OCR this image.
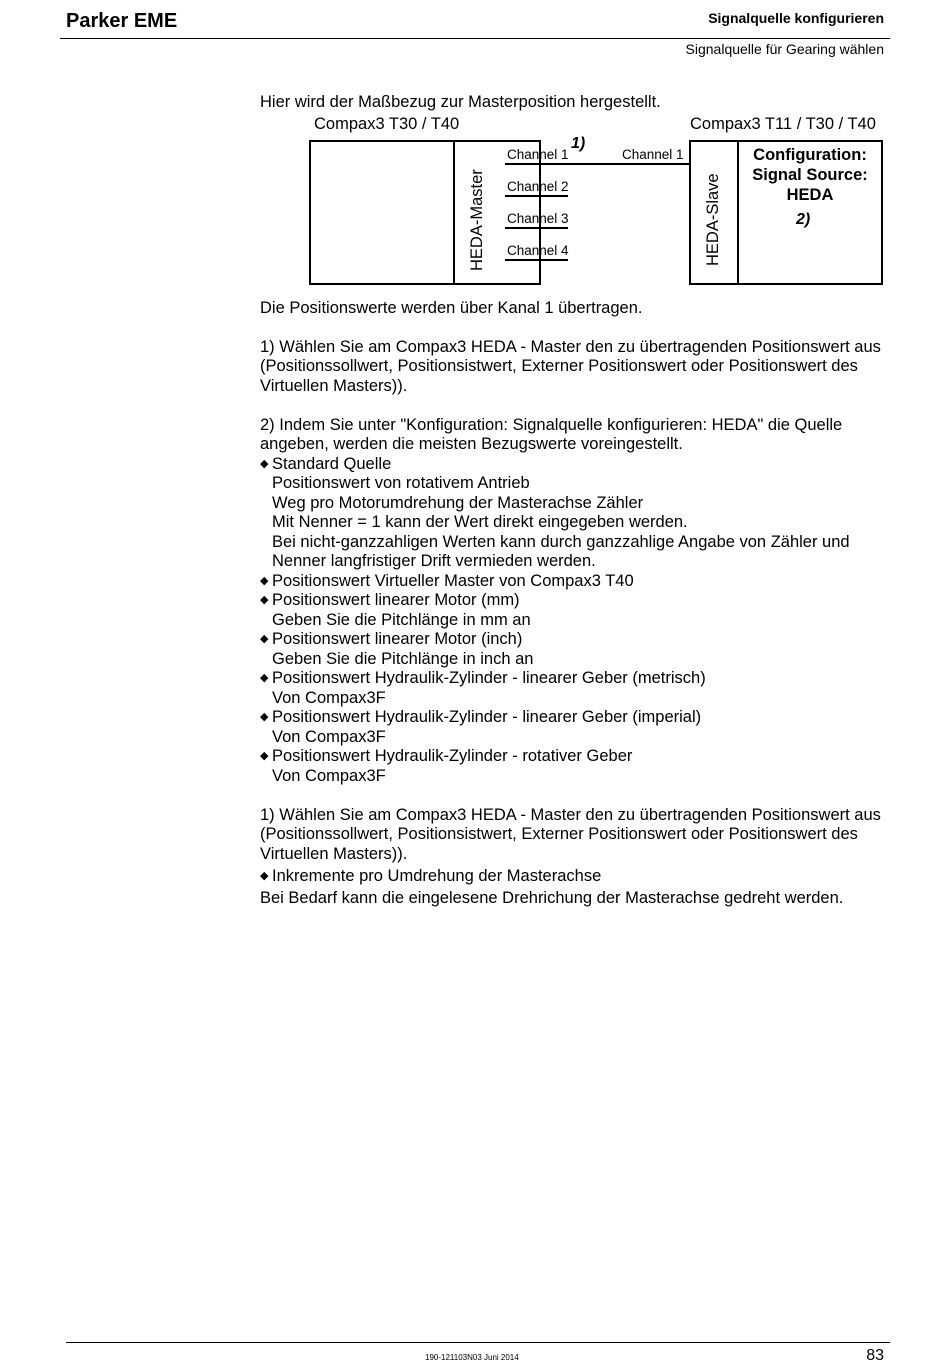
Parker EME	Signalquelle konfigurieren
Signalquelle für Gearing wählen

Hier wird der Maßbezug zur Masterposition hergestellt.

Die Positionswerte werden über Kanal 1 übertragen.

1) Wählen Sie am Compax3 HEDA - Master den zu übertragenden Positionswert aus (Positionssollwert, Positionsistwert, Externer Positionswert oder Positionswert des Virtuellen Masters)).

2) Indem Sie unter "Konfiguration: Signalquelle konfigurieren: HEDA" die Quelle angeben, werden die meisten Bezugswerte voreingestellt.

◆ Standard Quelle
Positionswert von rotativem Antrieb
Weg pro Motorumdrehung der Masterachse Zähler
Mit Nenner = 1 kann der Wert direkt eingegeben werden.
Bei nicht-ganzzahligen Werten kann durch ganzzahlige Angabe von Zähler und Nenner langfristiger Drift vermieden werden.
◆ Positionswert Virtueller Master von Compax3 T40
◆ Positionswert linearer Motor (mm)
Geben Sie die Pitchlänge in mm an
◆ Positionswert linearer Motor (inch)
Geben Sie die Pitchlänge in inch an
◆ Positionswert Hydraulik-Zylinder - linearer Geber (metrisch)
Von Compax3F
◆ Positionswert Hydraulik-Zylinder - linearer Geber (imperial)
Von Compax3F
◆ Positionswert Hydraulik-Zylinder - rotativer Geber
Von Compax3F

1) Wählen Sie am Compax3 HEDA - Master den zu übertragenden Positionswert aus (Positionssollwert, Positionsistwert, Externer Positionswert oder Positionswert des Virtuellen Masters)).

◆ Inkremente pro Umdrehung der Masterachse

Bei Bedarf kann die eingelesene Drehrichung der Masterachse gedreht werden.

Compax3 T30 / T40	Compax3 T11 / T30 / T40
HEDA-Master	HEDA-Slave
Channel 1
Channel 2
Channel 3
Channel 4
Channel 1
1)
2)
Configuration:
Signal Source:
HEDA
190-121103N03 Juni 2014	83
